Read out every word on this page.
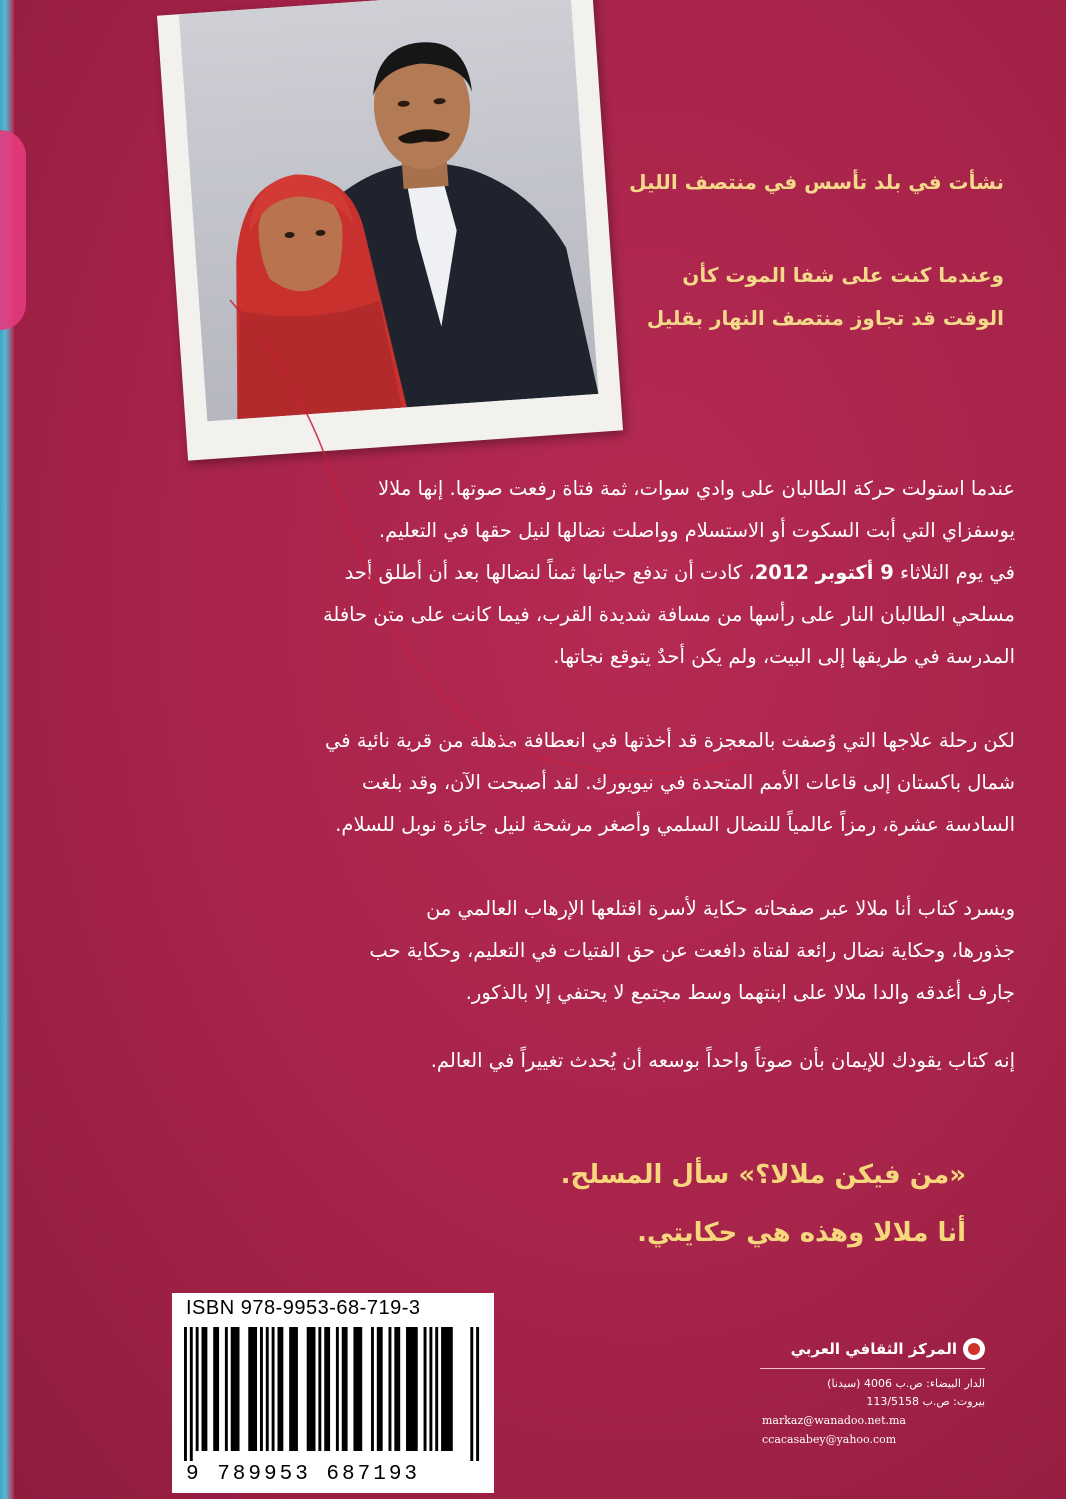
نشأت في بلد تأسس في منتصف الليل
وعندما كنت على شفا الموت كأن
الوقت قد تجاوز منتصف النهار بقليل

عندما استولت حركة الطالبان على وادي سوات، ثمة فتاة رفعت صوتها. إنها ملالا

يوسفزاي التي أبت السكوت أو الاستسلام وواصلت نضالها لنيل حقها في التعليم.

في يوم الثلاثاء 9 أكتوبر 2012، كادت أن تدفع حياتها ثمناً لنضالها بعد أن أطلق أحد

مسلحي الطالبان النار على رأسها من مسافة شديدة القرب، فيما كانت على متن حافلة

المدرسة في طريقها إلى البيت، ولم يكن أحدٌ يتوقع نجاتها.

لكن رحلة علاجها التي وُصفت بالمعجزة قد أخذتها في انعطافة مذهلة من قرية نائية في

شمال باكستان إلى قاعات الأمم المتحدة في نيويورك. لقد أصبحت الآن، وقد بلغت

السادسة عشرة، رمزاً عالمياً للنضال السلمي وأصغر مرشحة لنيل جائزة نوبل للسلام.

ويسرد كتاب أنا ملالا عبر صفحاته حكاية لأسرة اقتلعها الإرهاب العالمي من

جذورها، وحكاية نضال رائعة لفتاة دافعت عن حق الفتيات في التعليم، وحكاية حب

جارف أغدقه والدا ملالا على ابنتهما وسط مجتمع لا يحتفي إلا بالذكور.

إنه كتاب يقودك للإيمان بأن صوتاً واحداً بوسعه أن يُحدث تغييراً في العالم.

«من فيكن ملالا؟» سأل المسلح.
أنا ملالا وهذه هي حكايتي.
ISBN 978-9953-68-719-3
9 789953 687193
المركز الثقافي العربي
الدار البيضاء: ص.ب 4006 (سيدنا)
بيروت: ص.ب 113/5158
markaz@wanadoo.net.ma
ccacasabey@yahoo.com
